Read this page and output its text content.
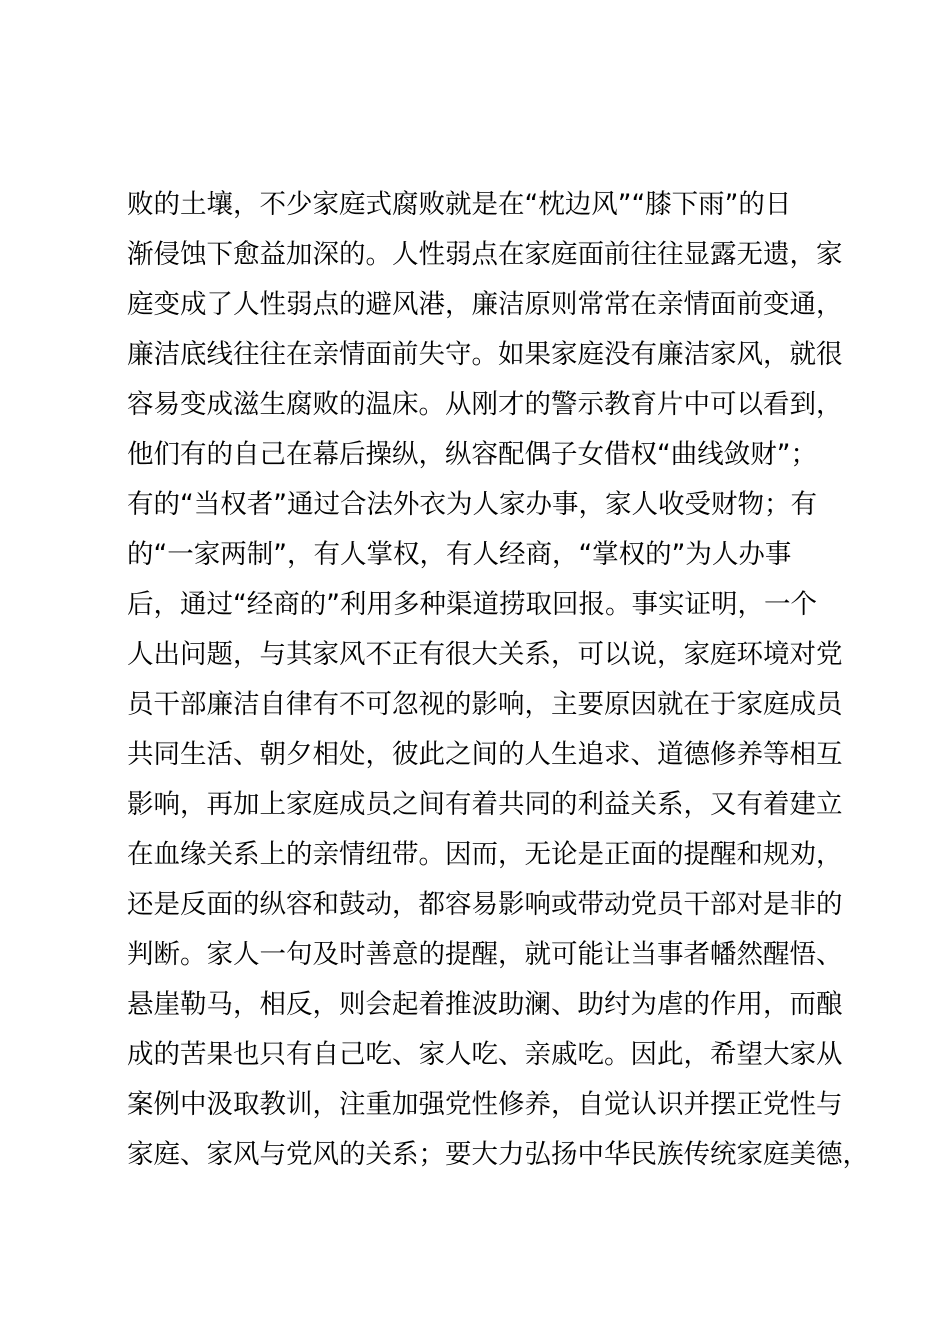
败的土壤，不少家庭式腐败就是在“枕边风”“膝下雨”的日
渐侵蚀下愈益加深的。人性弱点在家庭面前往往显露无遗，家
庭变成了人性弱点的避风港，廉洁原则常常在亲情面前变通，
廉洁底线往往在亲情面前失守。如果家庭没有廉洁家风，就很
容易变成滋生腐败的温床。从刚才的警示教育片中可以看到，
他们有的自己在幕后操纵，纵容配偶子女借权“曲线敛财”；
有的“当权者”通过合法外衣为人家办事，家人收受财物；有
的“一家两制”，有人掌权，有人经商，“掌权的”为人办事
后，通过“经商的”利用多种渠道捞取回报。事实证明，一个
人出问题，与其家风不正有很大关系，可以说，家庭环境对党
员干部廉洁自律有不可忽视的影响，主要原因就在于家庭成员
共同生活、朝夕相处，彼此之间的人生追求、道德修养等相互
影响，再加上家庭成员之间有着共同的利益关系，又有着建立
在血缘关系上的亲情纽带。因而，无论是正面的提醒和规劝，
还是反面的纵容和鼓动，都容易影响或带动党员干部对是非的
判断。家人一句及时善意的提醒，就可能让当事者幡然醒悟、
悬崖勒马，相反，则会起着推波助澜、助纣为虐的作用，而酿
成的苦果也只有自己吃、家人吃、亲戚吃。因此，希望大家从
案例中汲取教训，注重加强党性修养，自觉认识并摆正党性与
家庭、家风与党风的关系；要大力弘扬中华民族传统家庭美德，
